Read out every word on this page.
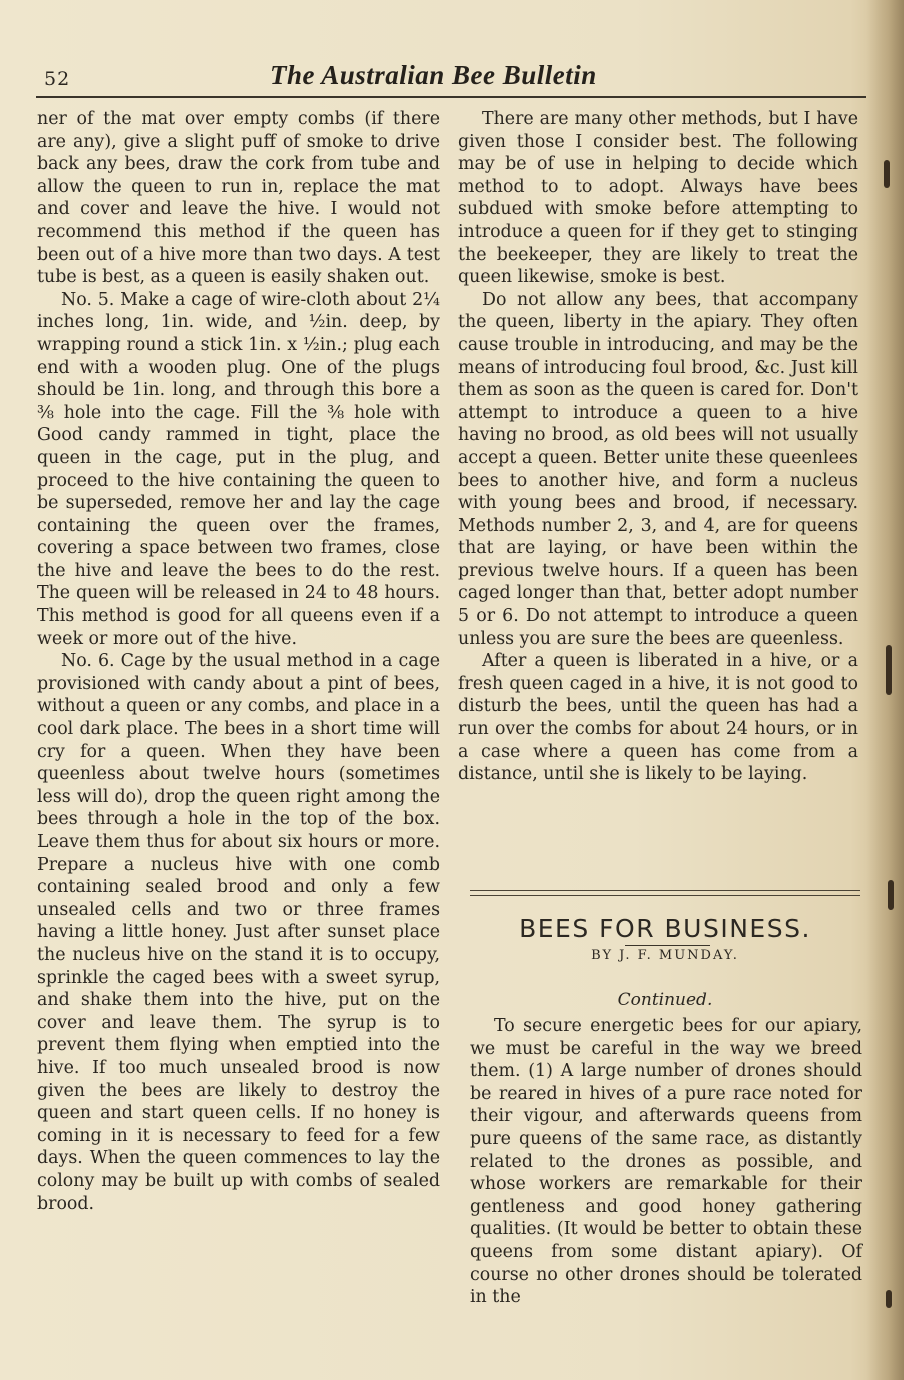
52	The Australian Bee Bulletin

ner of the mat over empty combs (if there are any), give a slight puff of smoke to drive back any bees, draw the cork from tube and allow the queen to run in, replace the mat and cover and leave the hive. I would not recommend this method if the queen has been out of a hive more than two days. A test tube is best, as a queen is easily shaken out.

No. 5. Make a cage of wire-cloth about 2¼ inches long, 1in. wide, and ½in. deep, by wrapping round a stick 1in. x ½in.; plug each end with a wooden plug. One of the plugs should be 1in. long, and through this bore a ⅜ hole into the cage. Fill the ⅜ hole with Good candy rammed in tight, place the queen in the cage, put in the plug, and proceed to the hive containing the queen to be superseded, remove her and lay the cage containing the queen over the frames, covering a space between two frames, close the hive and leave the bees to do the rest. The queen will be released in 24 to 48 hours. This method is good for all queens even if a week or more out of the hive.

No. 6. Cage by the usual method in a cage provisioned with candy about a pint of bees, without a queen or any combs, and place in a cool dark place. The bees in a short time will cry for a queen. When they have been queenless about twelve hours (sometimes less will do), drop the queen right among the bees through a hole in the top of the box. Leave them thus for about six hours or more. Prepare a nucleus hive with one comb containing sealed brood and only a few unsealed cells and two or three frames having a little honey. Just after sunset place the nucleus hive on the stand it is to occupy, sprinkle the caged bees with a sweet syrup, and shake them into the hive, put on the cover and leave them. The syrup is to prevent them flying when emptied into the hive. If too much unsealed brood is now given the bees are likely to destroy the queen and start queen cells. If no honey is coming in it is necessary to feed for a few days. When the queen commences to lay the colony may be built up with combs of sealed brood.

There are many other methods, but I have given those I consider best. The following may be of use in helping to decide which method to to adopt. Always have bees subdued with smoke before attempting to introduce a queen for if they get to stinging the beekeeper, they are likely to treat the queen likewise, smoke is best.

Do not allow any bees, that accompany the queen, liberty in the apiary. They often cause trouble in introducing, and may be the means of introducing foul brood, &c. Just kill them as soon as the queen is cared for. Don't attempt to introduce a queen to a hive having no brood, as old bees will not usually accept a queen. Better unite these queenlees bees to another hive, and form a nucleus with young bees and brood, if necessary. Methods number 2, 3, and 4, are for queens that are laying, or have been within the previous twelve hours. If a queen has been caged longer than that, better adopt number 5 or 6. Do not attempt to introduce a queen unless you are sure the bees are queenless.

After a queen is liberated in a hive, or a fresh queen caged in a hive, it is not good to disturb the bees, until the queen has had a run over the combs for about 24 hours, or in a case where a queen has come from a distance, until she is likely to be laying.

BEES FOR BUSINESS.
BY J. F. MUNDAY.
Continued.

To secure energetic bees for our apiary, we must be careful in the way we breed them. (1) A large number of drones should be reared in hives of a pure race noted for their vigour, and afterwards queens from pure queens of the same race, as distantly related to the drones as possible, and whose workers are remarkable for their gentleness and good honey gathering qualities. (It would be better to obtain these queens from some distant apiary). Of course no other drones should be tolerated in the
